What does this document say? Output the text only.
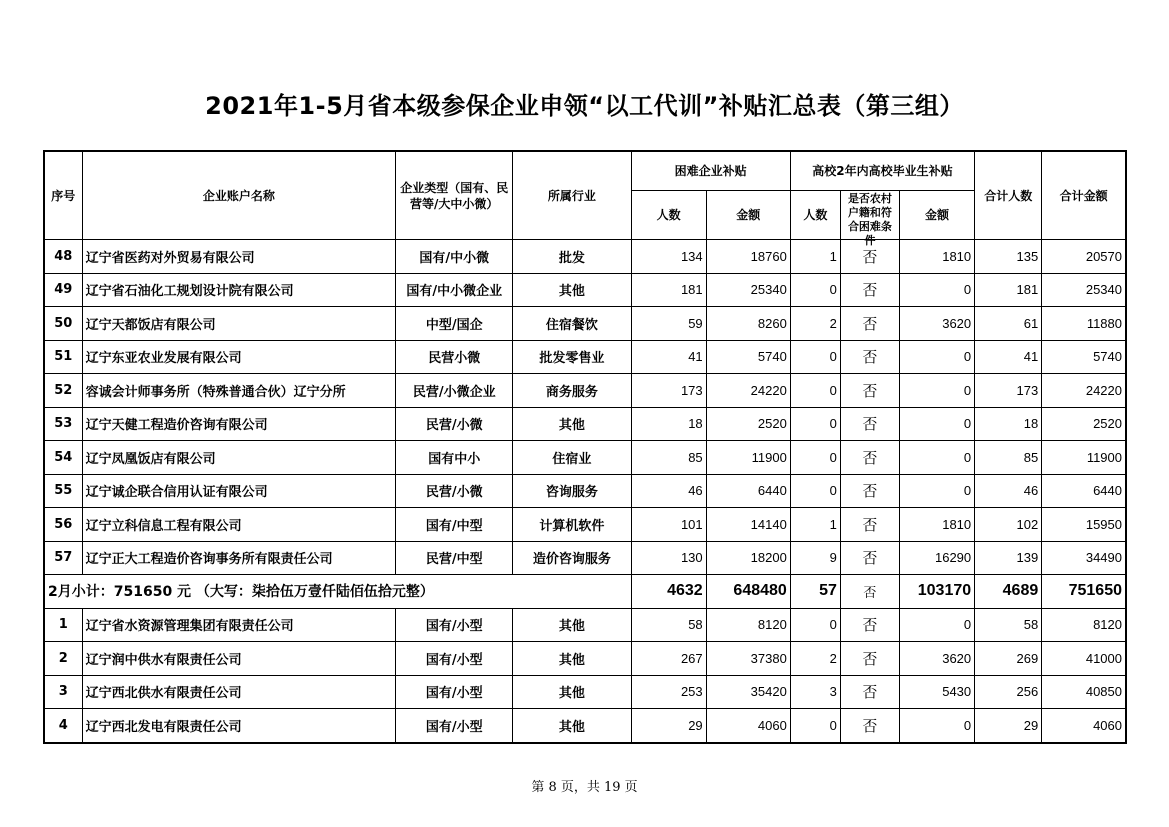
2021年1-5月省本级参保企业申领“以工代训”补贴汇总表（第三组）
序号	企业账户名称	企业类型（国有、民营等/大中小微）	所属行业	困难企业补贴		高校2年内高校毕业生补贴			合计人数	合计金额
				人数	金额	人数	是否农村户籍和符合困难条件	金额		
48	辽宁省医药对外贸易有限公司	国有/中小微	批发	134	18760	1	否	1810	135	20570
49	辽宁省石油化工规划设计院有限公司	国有/中小微企业	其他	181	25340	0	否	0	181	25340
50	辽宁天都饭店有限公司	中型/国企	住宿餐饮	59	8260	2	否	3620	61	11880
51	辽宁东亚农业发展有限公司	民营小微	批发零售业	41	5740	0	否	0	41	5740
52	容诚会计师事务所（特殊普通合伙）辽宁分所	民营/小微企业	商务服务	173	24220	0	否	0	173	24220
53	辽宁天健工程造价咨询有限公司	民营/小微	其他	18	2520	0	否	0	18	2520
54	辽宁凤凰饭店有限公司	国有中小	住宿业	85	11900	0	否	0	85	11900
55	辽宁诚企联合信用认证有限公司	民营/小微	咨询服务	46	6440	0	否	0	46	6440
56	辽宁立科信息工程有限公司	国有/中型	计算机软件	101	14140	1	否	1810	102	15950
57	辽宁正大工程造价咨询事务所有限责任公司	民营/中型	造价咨询服务	130	18200	9	否	16290	139	34490
2月小计：751650 元 （大写：柒拾伍万壹仟陆佰伍拾元整）				4632	648480	57	否	103170	4689	751650
1	辽宁省水资源管理集团有限责任公司	国有/小型	其他	58	8120	0	否	0	58	8120
2	辽宁润中供水有限责任公司	国有/小型	其他	267	37380	2	否	3620	269	41000
3	辽宁西北供水有限责任公司	国有/小型	其他	253	35420	3	否	5430	256	40850
4	辽宁西北发电有限责任公司	国有/小型	其他	29	4060	0	否	0	29	4060
第 8 页，共 19 页
